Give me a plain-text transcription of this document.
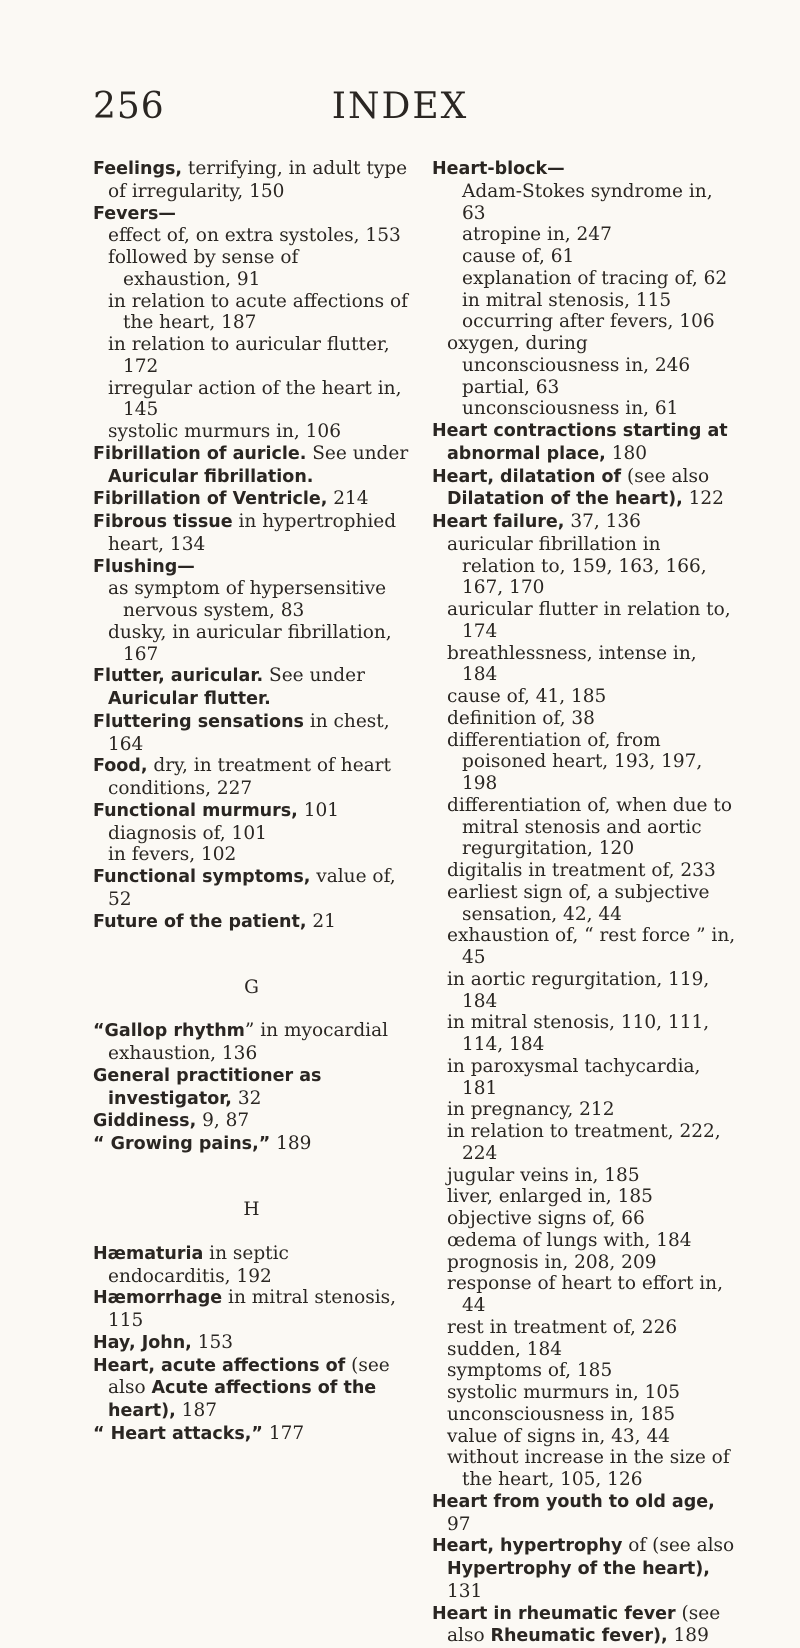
256	INDEX

Feelings, terrifying, in adult type of irregularity, 150

Fevers—

effect of, on extra systoles, 153

followed by sense of exhaustion, 91

in relation to acute affections of the heart, 187

in relation to auricular flutter, 172

irregular action of the heart in, 145

systolic murmurs in, 106

Fibrillation of auricle. See under Auricular fibrillation.

Fibrillation of Ventricle, 214

Fibrous tissue in hypertrophied heart, 134

Flushing—

as symptom of hypersensitive nervous system, 83

dusky, in auricular fibrillation, 167

Flutter, auricular. See under Auricular flutter.

Fluttering sensations in chest, 164

Food, dry, in treatment of heart conditions, 227

Functional murmurs, 101

diagnosis of, 101

in fevers, 102

Functional symptoms, value of, 52

Future of the patient, 21

G

“Gallop rhythm” in myocardial exhaustion, 136

General practitioner as investigator, 32

Giddiness, 9, 87

“ Growing pains,” 189

H

Hæmaturia in septic endocarditis, 192

Hæmorrhage in mitral stenosis, 115

Hay, John, 153

Heart, acute affections of (see also Acute affections of the heart), 187

“ Heart attacks,” 177

Heart-block—

Adam-Stokes syndrome in, 63

atropine in, 247

cause of, 61

explanation of tracing of, 62

in mitral stenosis, 115

occurring after fevers, 106

oxygen, during unconsciousness in, 246

partial, 63

unconsciousness in, 61

Heart contractions starting at abnormal place, 180

Heart, dilatation of (see also Dilatation of the heart), 122

Heart failure, 37, 136

auricular fibrillation in relation to, 159, 163, 166, 167, 170

auricular flutter in relation to, 174

breathlessness, intense in, 184

cause of, 41, 185

definition of, 38

differentiation of, from poisoned heart, 193, 197, 198

differentiation of, when due to mitral stenosis and aortic regurgitation, 120

digitalis in treatment of, 233

earliest sign of, a subjective sensation, 42, 44

exhaustion of, “ rest force ” in, 45

in aortic regurgitation, 119, 184

in mitral stenosis, 110, 111, 114, 184

in paroxysmal tachycardia, 181

in pregnancy, 212

in relation to treatment, 222, 224

jugular veins in, 185

liver, enlarged in, 185

objective signs of, 66

œdema of lungs with, 184

prognosis in, 208, 209

response of heart to effort in, 44

rest in treatment of, 226

sudden, 184

symptoms of, 185

systolic murmurs in, 105

unconsciousness in, 185

value of signs in, 43, 44

without increase in the size of the heart, 105, 126

Heart from youth to old age, 97

Heart, hypertrophy of (see also Hypertrophy of the heart), 131

Heart in rheumatic fever (see also Rheumatic fever), 189
